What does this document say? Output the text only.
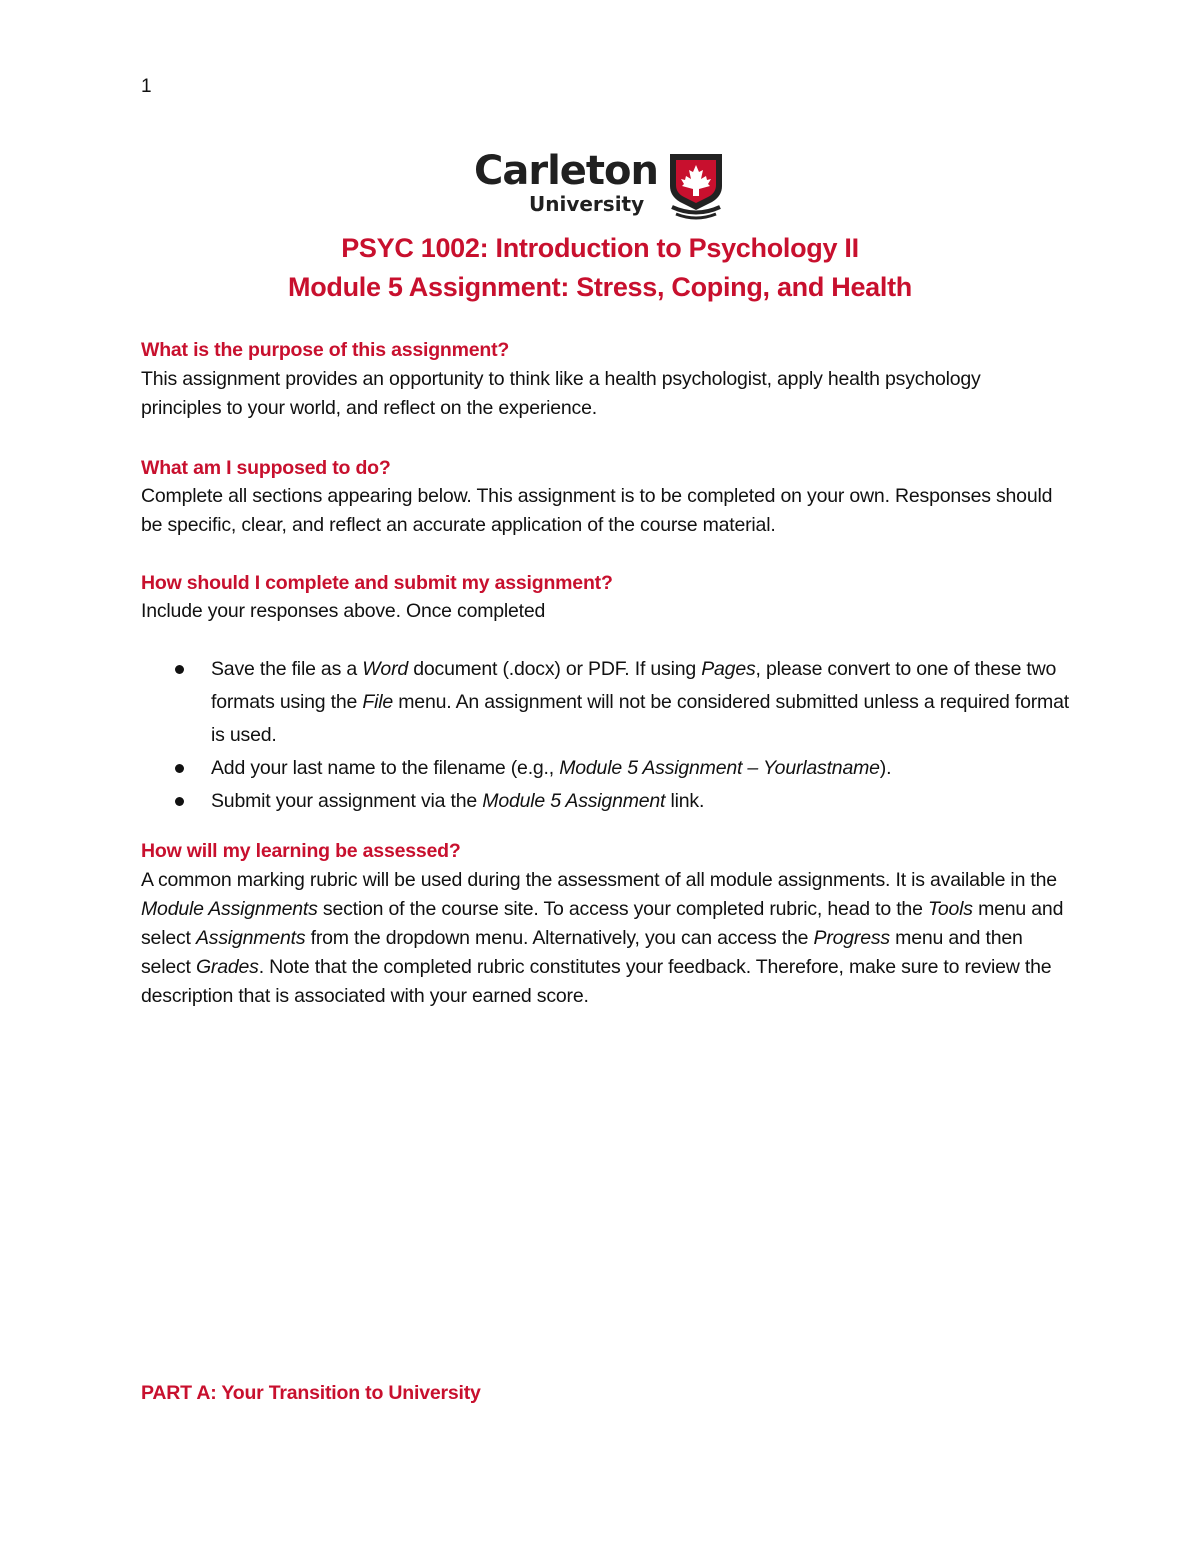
1
Carleton
University
PSYC 1002: Introduction to Psychology II
Module 5 Assignment: Stress, Coping, and Health
What is the purpose of this assignment?
This assignment provides an opportunity to think like a health psychologist, apply health psychology principles to your world, and reflect on the experience.
What am I supposed to do?
Complete all sections appearing below. This assignment is to be completed on your own. Responses should be specific, clear, and reflect an accurate application of the course material.
How should I complete and submit my assignment?
Include your responses above. Once completed
Save the file as a Word document (.docx) or PDF. If using Pages, please convert to one of these two formats using the File menu. An assignment will not be considered submitted unless a required format is used.
Add your last name to the filename (e.g., Module 5 Assignment – Yourlastname).
Submit your assignment via the Module 5 Assignment link.
How will my learning be assessed?
A common marking rubric will be used during the assessment of all module assignments. It is available in the Module Assignments section of the course site. To access your completed rubric, head to the Tools menu and select Assignments from the dropdown menu. Alternatively, you can access the Progress menu and then select Grades. Note that the completed rubric constitutes your feedback. Therefore, make sure to review the description that is associated with your earned score.
PART A: Your Transition to University
